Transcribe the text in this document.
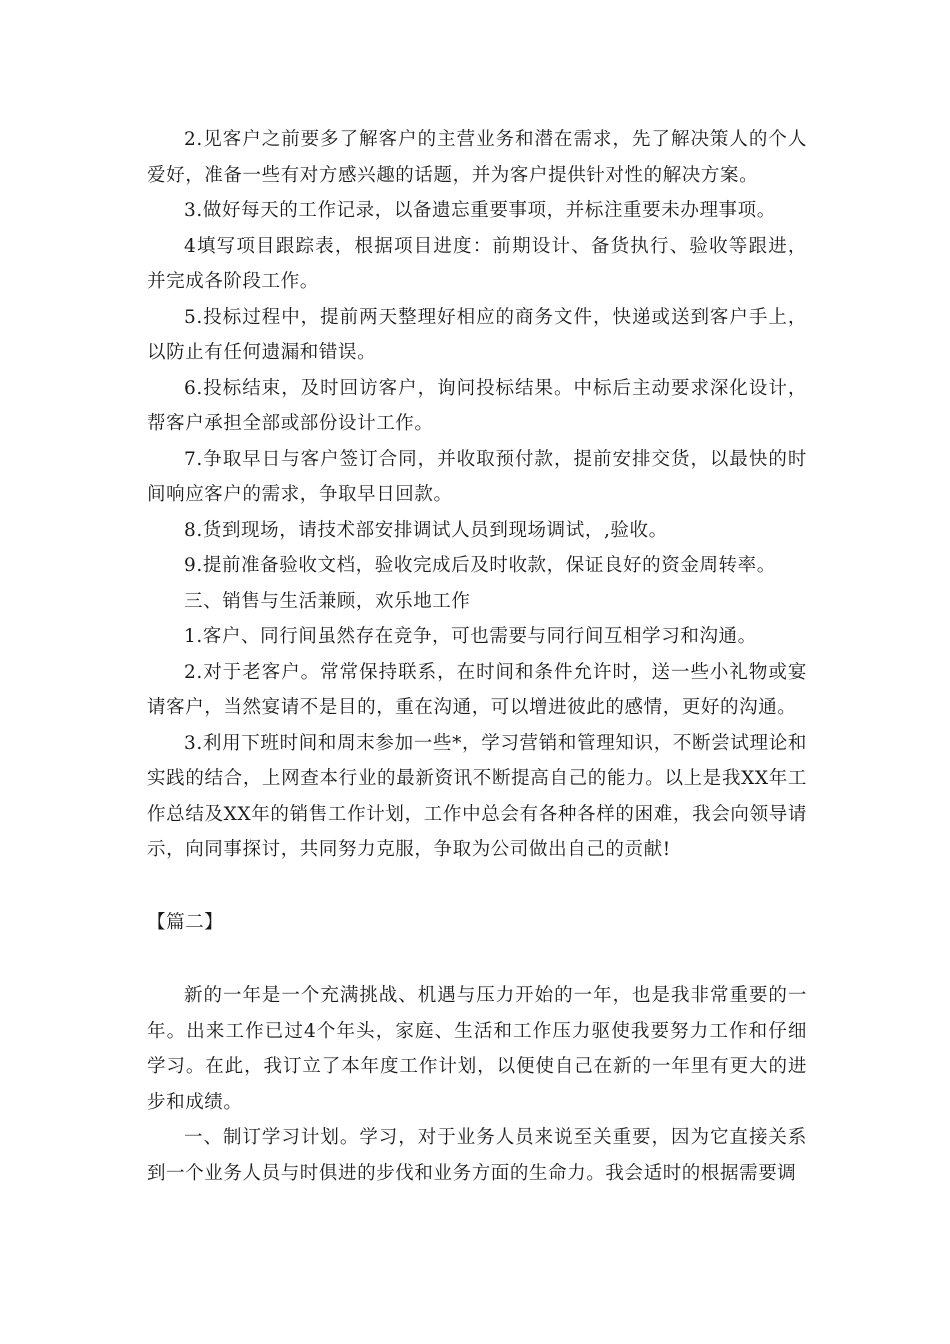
2.见客户之前要多了解客户的主营业务和潜在需求，先了解决策人的个人爱好，准备一些有对方感兴趣的话题，并为客户提供针对性的解决方案。

3.做好每天的工作记录，以备遗忘重要事项，并标注重要未办理事项。

4填写项目跟踪表，根据项目进度：前期设计、备货执行、验收等跟进，并完成各阶段工作。

5.投标过程中，提前两天整理好相应的商务文件，快递或送到客户手上，以防止有任何遗漏和错误。

6.投标结束，及时回访客户，询问投标结果。中标后主动要求深化设计，帮客户承担全部或部份设计工作。

7.争取早日与客户签订合同，并收取预付款，提前安排交货，以最快的时间响应客户的需求，争取早日回款。

8.货到现场，请技术部安排调试人员到现场调试，,验收。

9.提前准备验收文档，验收完成后及时收款，保证良好的资金周转率。

三、销售与生活兼顾，欢乐地工作

1.客户、同行间虽然存在竞争，可也需要与同行间互相学习和沟通。

2.对于老客户。常常保持联系，在时间和条件允许时，送一些小礼物或宴请客户，当然宴请不是目的，重在沟通，可以增进彼此的感情，更好的沟通。

3.利用下班时间和周末参加一些*，学习营销和管理知识，不断尝试理论和实践的结合，上网查本行业的最新资讯不断提高自己的能力。以上是我XX年工作总结及XX年的销售工作计划，工作中总会有各种各样的困难，我会向领导请示，向同事探讨，共同努力克服，争取为公司做出自己的贡献!

【篇二】

新的一年是一个充满挑战、机遇与压力开始的一年，也是我非常重要的一年。出来工作已过4个年头，家庭、生活和工作压力驱使我要努力工作和仔细学习。在此，我订立了本年度工作计划，以便使自己在新的一年里有更大的进步和成绩。

一、制订学习计划。学习，对于业务人员来说至关重要，因为它直接关系到一个业务人员与时俱进的步伐和业务方面的生命力。我会适时的根据需要调
